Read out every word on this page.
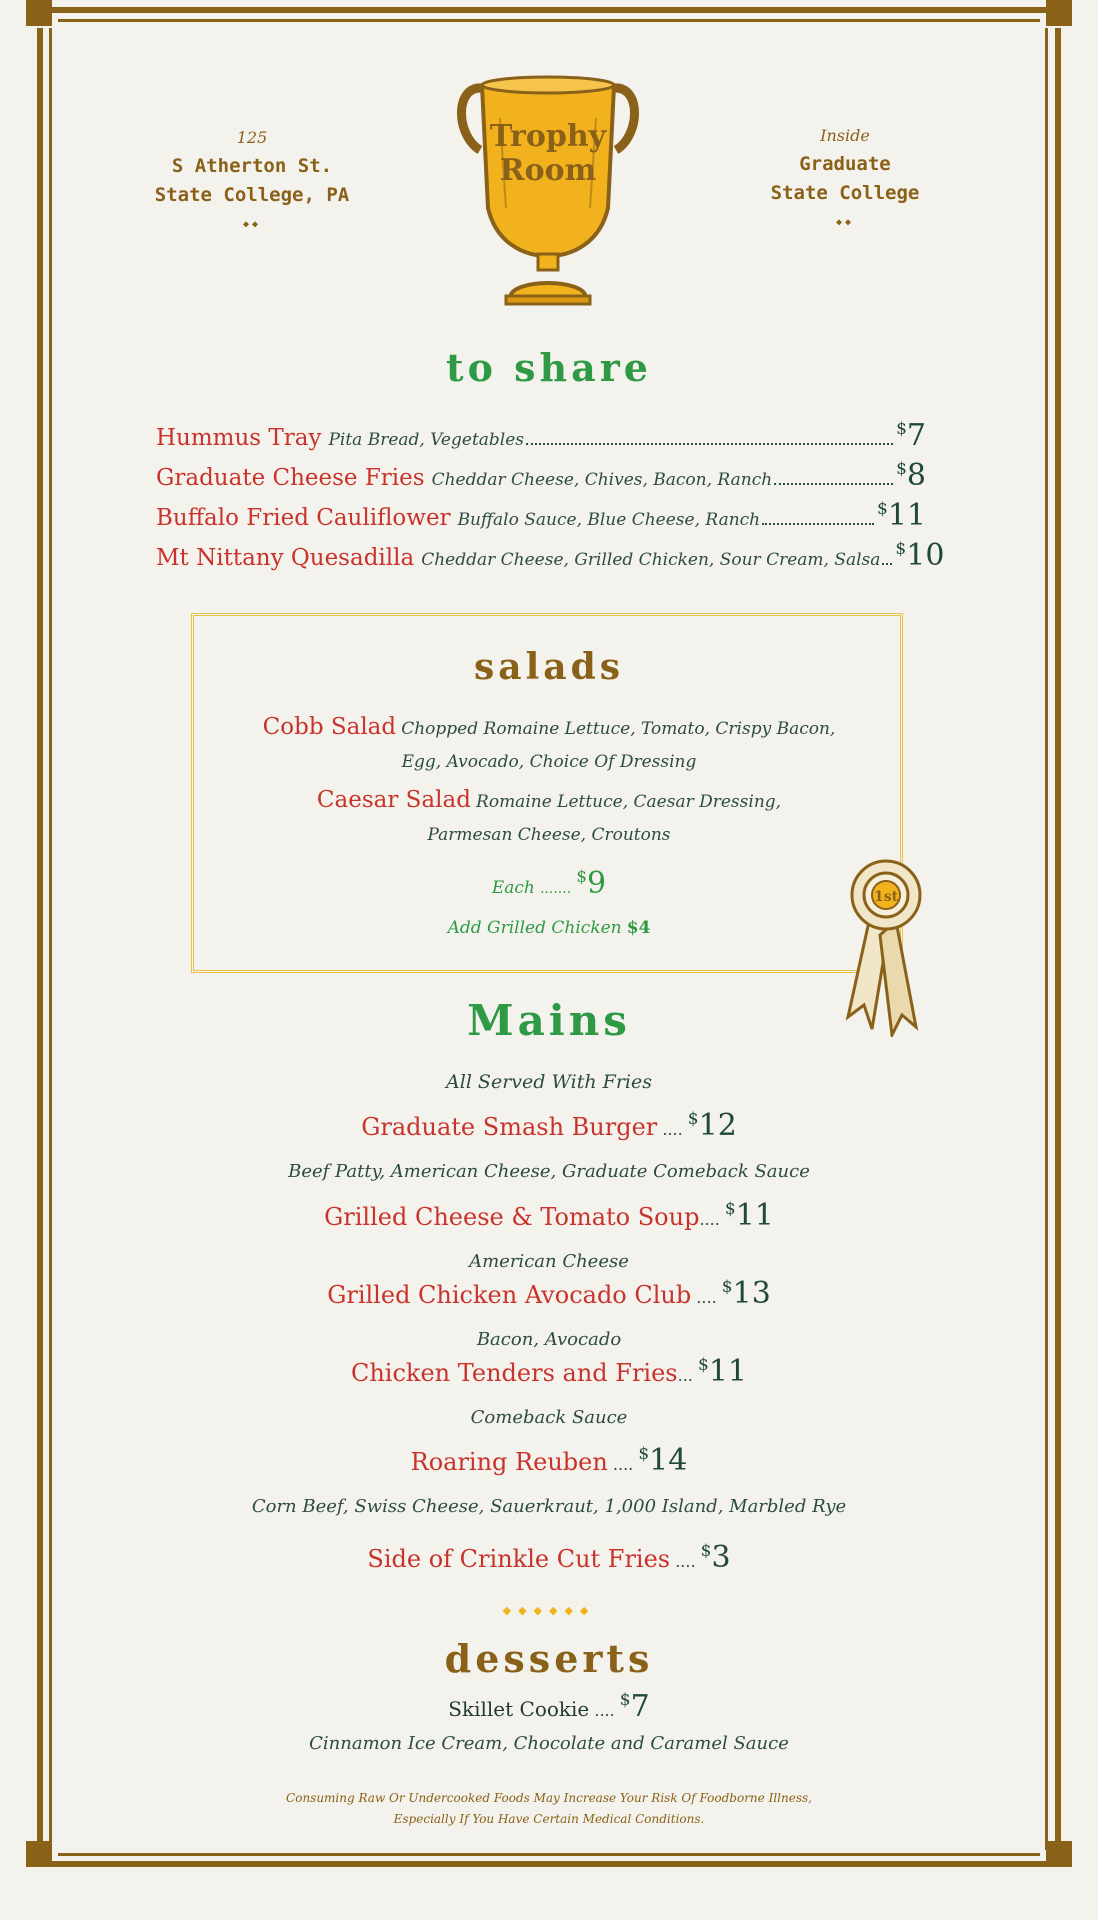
125
S Atherton St.
State College, PA
◆◆
Inside
Graduate
State College
◆◆
Trophy
Room
to share
Hummus Tray Pita Bread, Vegetables
$7
Graduate Cheese Fries Cheddar Cheese, Chives, Bacon, Ranch
$8
Buffalo Fried Cauliflower Buffalo Sauce, Blue Cheese, Ranch
$11
Mt Nittany Quesadilla Cheddar Cheese, Grilled Chicken, Sour Cream, Salsa
$10
salads
Cobb Salad Chopped Romaine Lettuce, Tomato, Crispy Bacon,
Egg, Avocado, Choice Of Dressing
Caesar Salad Romaine Lettuce, Caesar Dressing,
Parmesan Cheese, Croutons
Each ....... $9
Add Grilled Chicken $4
1st
Mains
All Served With Fries
Graduate Smash Burger .... $12
Beef Patty, American Cheese, Graduate Comeback Sauce
Grilled Cheese & Tomato Soup.... $11
American Cheese
Grilled Chicken Avocado Club .... $13
Bacon, Avocado
Chicken Tenders and Fries... $11
Comeback Sauce
Roaring Reuben .... $14
Corn Beef, Swiss Cheese, Sauerkraut, 1,000 Island, Marbled Rye
Side of Crinkle Cut Fries .... $3
◆◆◆◆◆◆
desserts
Skillet Cookie .... $7
Cinnamon Ice Cream, Chocolate and Caramel Sauce
Consuming Raw Or Undercooked Foods May Increase Your Risk Of Foodborne Illness,
Especially If You Have Certain Medical Conditions.
